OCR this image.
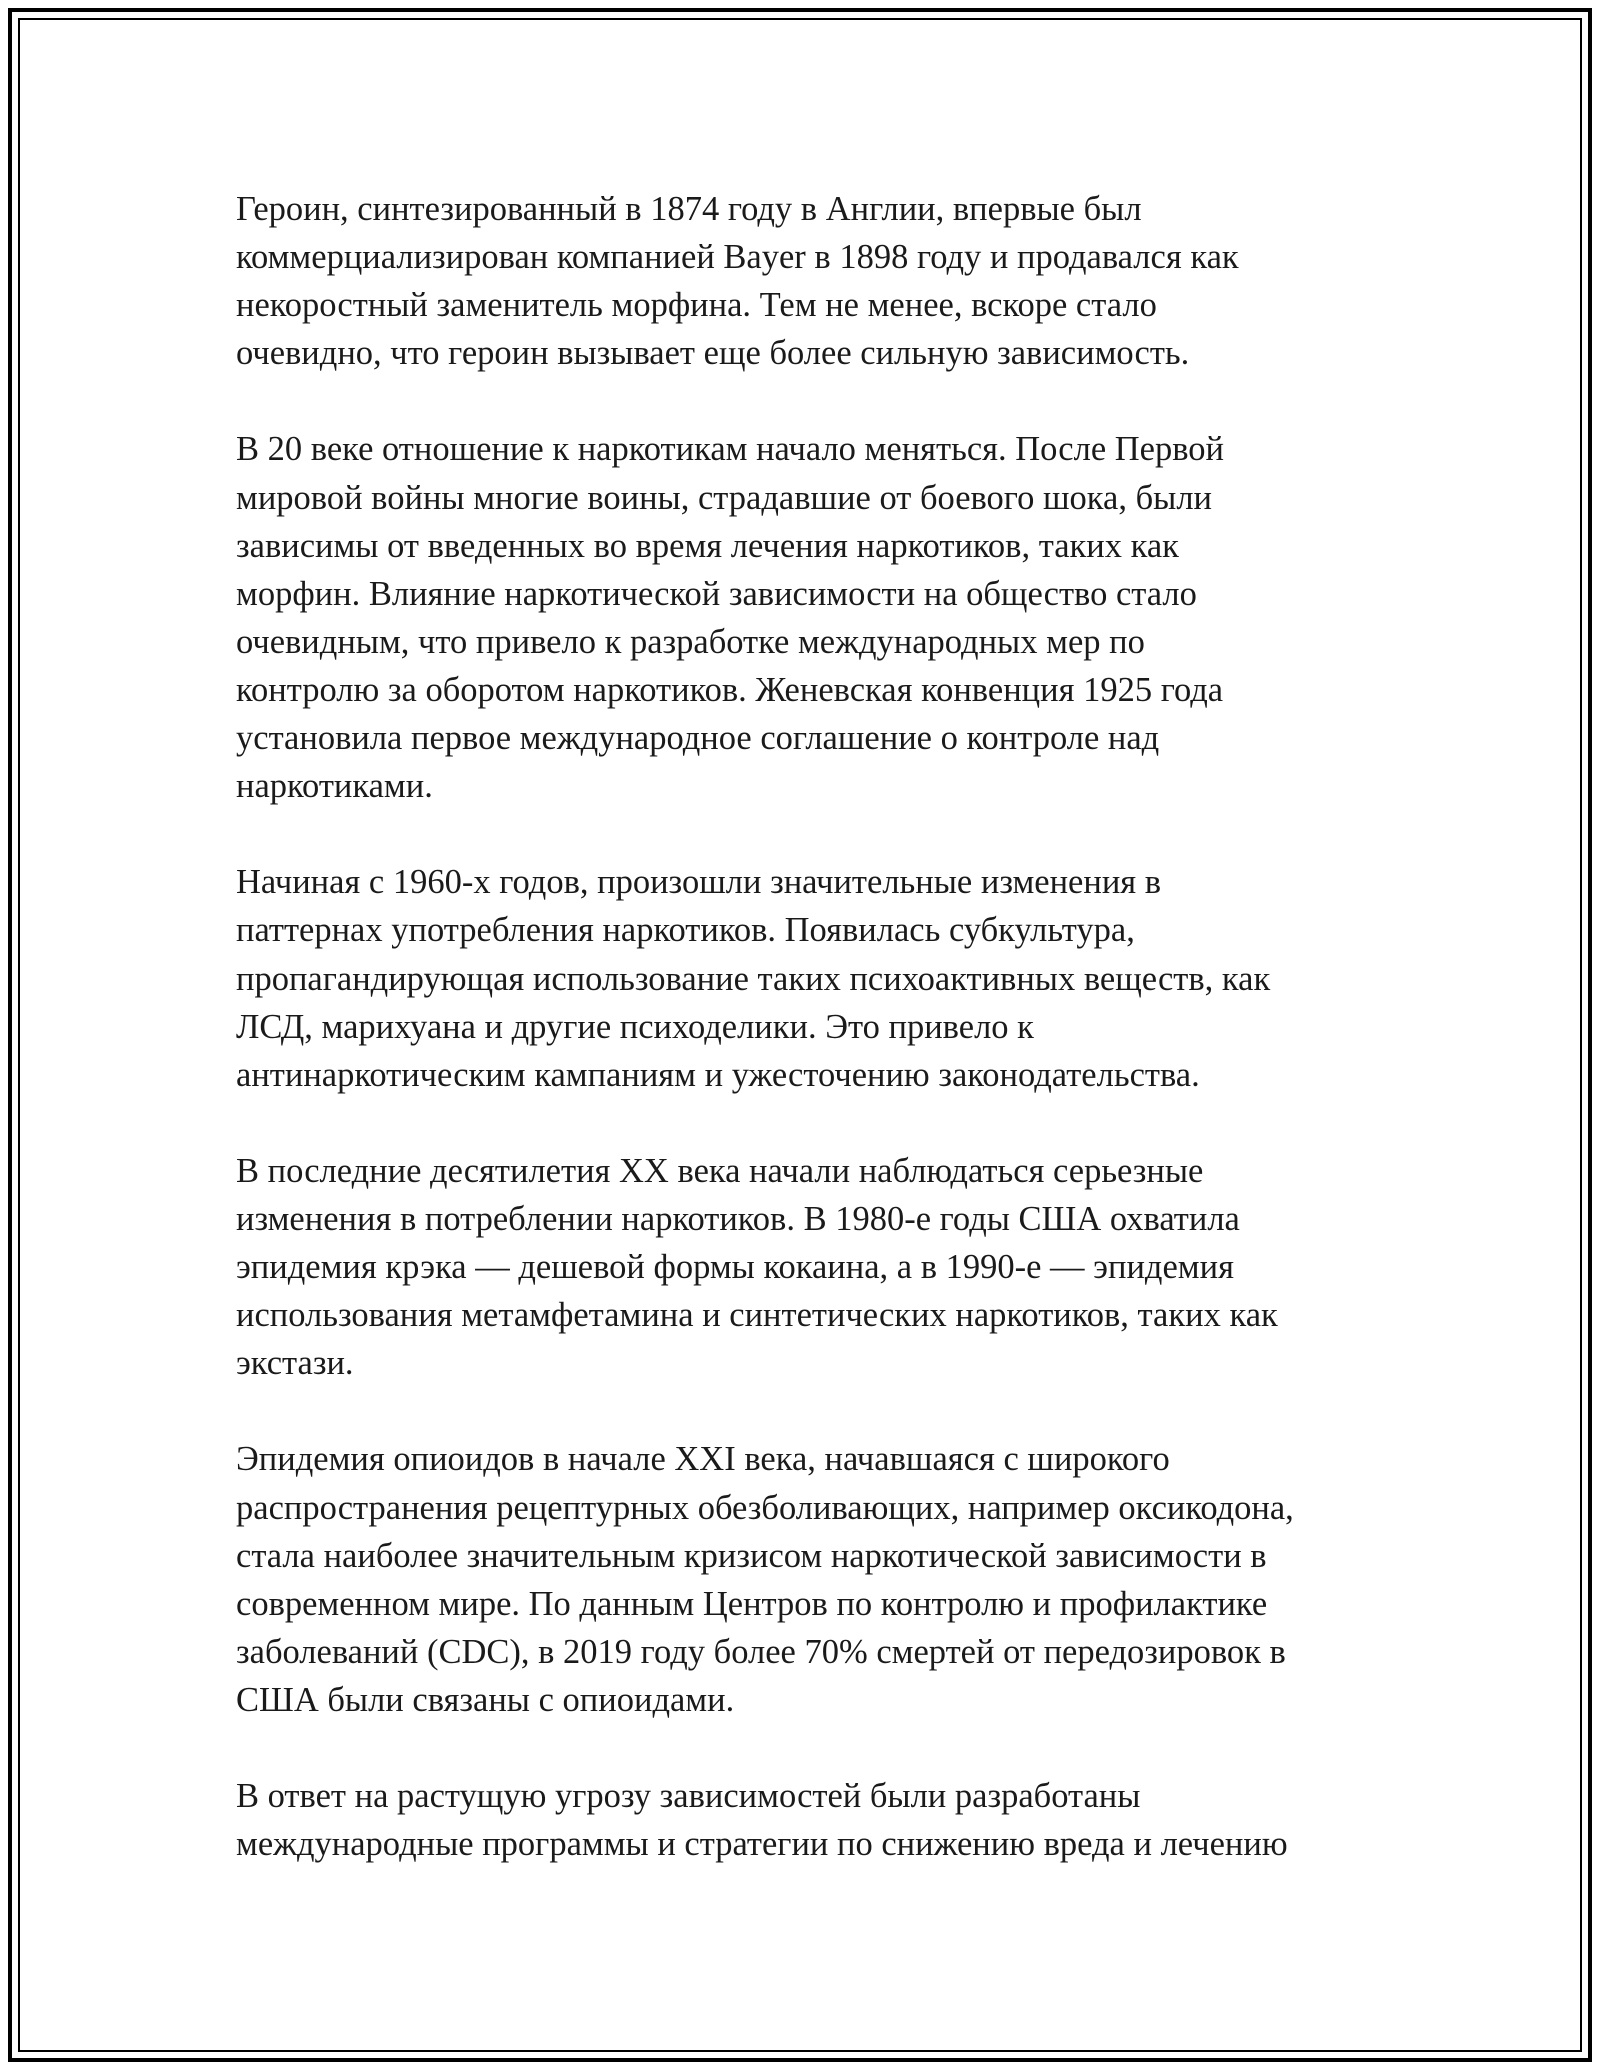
Героин, синтезированный в 1874 году в Англии, впервые был
коммерциализирован компанией Bayer в 1898 году и продавался как
некоростный заменитель морфина. Тем не менее, вскоре стало
очевидно, что героин вызывает еще более сильную зависимость.

В 20 веке отношение к наркотикам начало меняться. После Первой
мировой войны многие воины, страдавшие от боевого шока, были
зависимы от введенных во время лечения наркотиков, таких как
морфин. Влияние наркотической зависимости на общество стало
очевидным, что привело к разработке международных мер по
контролю за оборотом наркотиков. Женевская конвенция 1925 года
установила первое международное соглашение о контроле над
наркотиками.

Начиная с 1960-х годов, произошли значительные изменения в
паттернах употребления наркотиков. Появилась субкультура,
пропагандирующая использование таких психоактивных веществ, как
ЛСД, марихуана и другие психоделики. Это привело к
антинаркотическим кампаниям и ужесточению законодательства.

В последние десятилетия XX века начали наблюдаться серьезные
изменения в потреблении наркотиков. В 1980-е годы США охватила
эпидемия крэка — дешевой формы кокаина, а в 1990-е — эпидемия
использования метамфетамина и синтетических наркотиков, таких как
экстази.

Эпидемия опиоидов в начале XXI века, начавшаяся с широкого
распространения рецептурных обезболивающих, например оксикодона,
стала наиболее значительным кризисом наркотической зависимости в
современном мире. По данным Центров по контролю и профилактике
заболеваний (CDC), в 2019 году более 70% смертей от передозировок в
США были связаны с опиоидами.

В ответ на растущую угрозу зависимостей были разработаны
международные программы и стратегии по снижению вреда и лечению
